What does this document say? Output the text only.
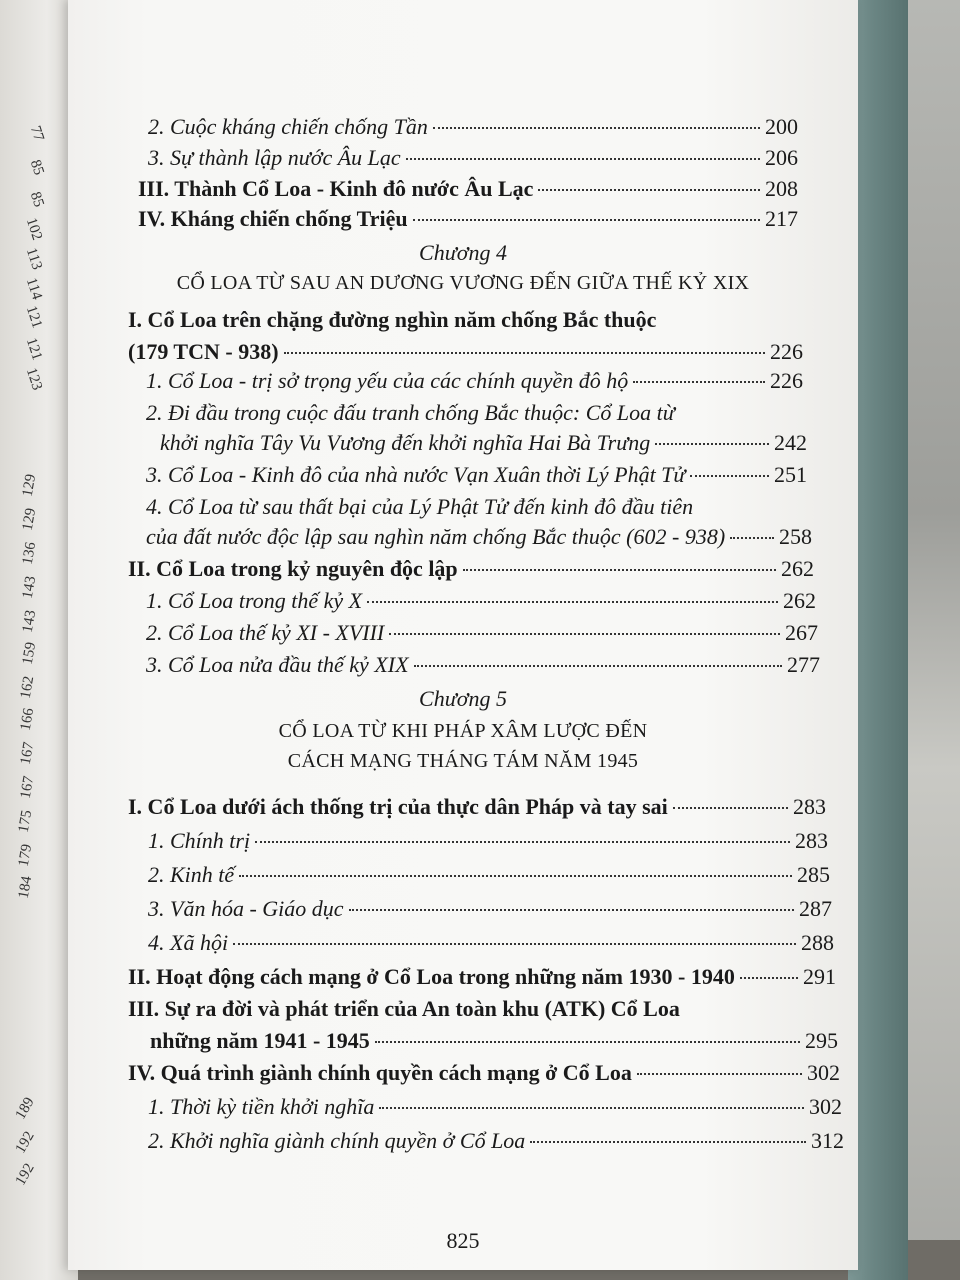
77
85
85
102
113
114
121
121
123
129
129
136
143
143
159
162
166
167
167
175
179
184
189
192
192
2. Cuộc kháng chiến chống Tần	200
3. Sự thành lập nước Âu Lạc	206
III. Thành Cổ Loa - Kinh đô nước Âu Lạc	208
IV. Kháng chiến chống Triệu	217
Chương 4
CỔ LOA TỪ SAU AN DƯƠNG VƯƠNG ĐẾN GIỮA THẾ KỶ XIX
I. Cổ Loa trên chặng đường nghìn năm chống Bắc thuộc
(179 TCN - 938)	226
1. Cổ Loa - trị sở trọng yếu của các chính quyền đô hộ	226
2. Đi đầu trong cuộc đấu tranh chống Bắc thuộc: Cổ Loa từ
khởi nghĩa Tây Vu Vương đến khởi nghĩa Hai Bà Trưng	242
3. Cổ Loa - Kinh đô của nhà nước Vạn Xuân thời Lý Phật Tử	251
4. Cổ Loa từ sau thất bại của Lý Phật Tử đến kinh đô đầu tiên
của đất nước độc lập sau nghìn năm chống Bắc thuộc (602 - 938) 258
II. Cổ Loa trong kỷ nguyên độc lập	262
1. Cổ Loa trong thế kỷ X	262
2. Cổ Loa thế kỷ XI - XVIII	267
3. Cổ Loa nửa đầu thế kỷ XIX	277
Chương 5
CỔ LOA TỪ KHI PHÁP XÂM LƯỢC ĐẾN
CÁCH MẠNG THÁNG TÁM NĂM 1945
I. Cổ Loa dưới ách thống trị của thực dân Pháp và tay sai	283
1. Chính trị	283
2. Kinh tế	285
3. Văn hóa - Giáo dục	287
4. Xã hội	288
II. Hoạt động cách mạng ở Cổ Loa trong những năm 1930 - 1940	291
III. Sự ra đời và phát triển của An toàn khu (ATK) Cổ Loa
những năm 1941 - 1945	295
IV. Quá trình giành chính quyền cách mạng ở Cổ Loa	302
1. Thời kỳ tiền khởi nghĩa	302
2. Khởi nghĩa giành chính quyền ở Cổ Loa	312
825
